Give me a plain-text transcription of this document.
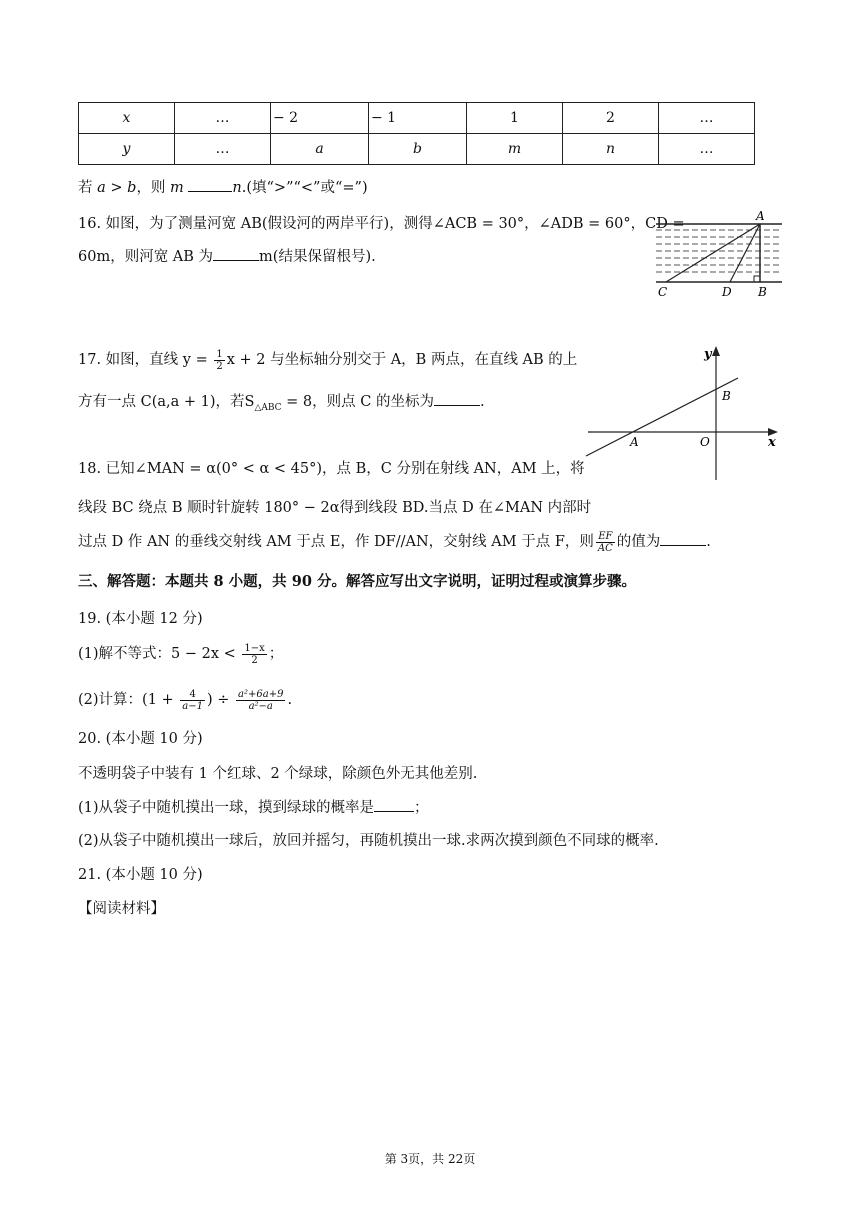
x	…	− 2	− 1	1	2	…
y	…	a	b	m	n	…
若 a > b，则 m	n.(填“>”“<”或“=”)
16. 如图，为了测量河宽 AB(假设河的两岸平行)，测得∠ACB = 30°，∠ADB = 60°，CD =
60m，则河宽 AB 为	m(结果保留根号).
A
B
C	D
17. 如图，直线 $y = \frac{1}{2}$ x + 2 与坐标轴分别交于 A，B 两点，在直线 AB 的上
方有一点 C(a,a + 1)，若$S_{\triangle ABC} = 8$，则点 C 的坐标为	.
y
x
A
B
O
18. 已知∠MAN = α(0° < α < 45°)，点 B，C 分别在射线 AN，AM 上，将
线段 BC 绕点 B 顺时针旋转 180° − 2α得到线段 BD.当点 D 在∠MAN 内部时
过点 D 作 AN 的垂线交射线 AM 于点 E，作 DF//AN，交射线 AM 于点 F，则 $\frac{EF}{AC}$ 的值为	.
三、解答题：本题共 8 小题，共 90 分。解答应写出文字说明，证明过程或演算步骤。
19. (本小题 12 分)
(1)解不等式：$5 - 2x < \frac{1-x}{2}$ ；
(2)计算：($1 + \frac{4}{a-1}$ ) ÷ $\frac{\text{a²+6a+9}}{\text{a²−a}}$ .
20. (本小题 10 分)
不透明袋子中装有 1 个红球、2 个绿球，除颜色外无其他差别.
(1)从袋子中随机摸出一球，摸到绿球的概率是	；
(2)从袋子中随机摸出一球后，放回并摇匀，再随机摸出一球.求两次摸到颜色不同球的概率.
21. (本小题 10 分)
【阅读材料】
第 3页，共 22页
